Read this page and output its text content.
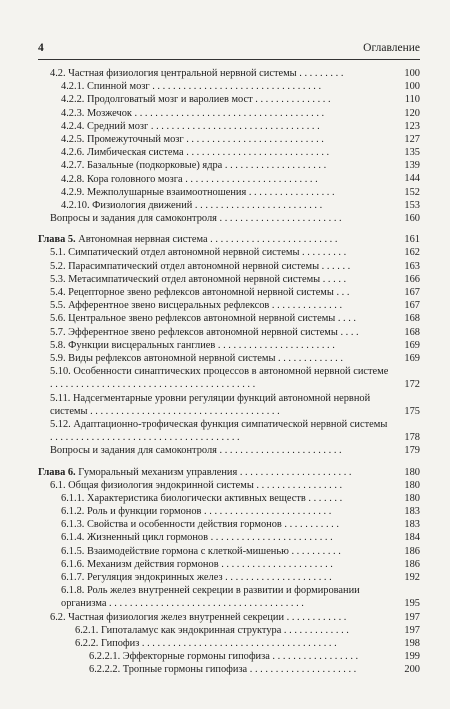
4	Оглавление
4.2. Частная физиология центральной нервной системы . . . . . . . . .	100
4.2.1. Спинной мозг . . . . . . . . . . . . . . . . . . . . . . . . . . . . . . . . .	100
4.2.2. Продолговатый мозг и варолиев мост . . . . . . . . . . . . . . .	110
4.2.3. Мозжечок . . . . . . . . . . . . . . . . . . . . . . . . . . . . . . . . . . . . .	120
4.2.4. Средний мозг . . . . . . . . . . . . . . . . . . . . . . . . . . . . . . . . .	123
4.2.5. Промежуточный мозг . . . . . . . . . . . . . . . . . . . . . . . . . . .	127
4.2.6. Лимбическая система . . . . . . . . . . . . . . . . . . . . . . . . . . . .	135
4.2.7. Базальные (подкорковые) ядра . . . . . . . . . . . . . . . . . . . .	139
4.2.8. Кора головного мозга . . . . . . . . . . . . . . . . . . . . . . . . . .	144
4.2.9. Межполушарные взаимоотношения . . . . . . . . . . . . . . . . .	152
4.2.10. Физиология движений . . . . . . . . . . . . . . . . . . . . . . . . .	153
Вопросы и задания для самоконтроля . . . . . . . . . . . . . . . . . . . . . . . .	160
Глава 5. Автономная нервная система . . . . . . . . . . . . . . . . . . . . . . . . .	161
5.1. Симпатический отдел автономной нервной системы . . . . . . . . .	162
5.2. Парасимпатический отдел автономной нервной системы . . . . . .	163
5.3. Метасимпатический отдел автономной нервной системы . . . . .	166
5.4. Рецепторное звено рефлексов автономной нервной системы . . .	167
5.5. Афферентное звено висцеральных рефлексов . . . . . . . . . . . . . .	167
5.6. Центральное звено рефлексов автономной нервной системы . . . .	168
5.7. Эфферентное звено рефлексов автономной нервной системы . . . .	168
5.8. Функции висцеральных ганглиев . . . . . . . . . . . . . . . . . . . . . . .	169
5.9. Виды рефлексов автономной нервной системы . . . . . . . . . . . . .	169
5.10. Особенности синаптических процессов в автономной нервной системе . . . . . . . . . . . . . . . . . . . . . . . . . . . . . . . . . . . . . . . .	172
5.11. Надсегментарные уровни регуляции функций автономной нервной системы . . . . . . . . . . . . . . . . . . . . . . . . . . . . . . . . . . . . .	175
5.12. Адаптационно-трофическая функция симпатической нервной системы . . . . . . . . . . . . . . . . . . . . . . . . . . . . . . . . . . . . .	178
Вопросы и задания для самоконтроля . . . . . . . . . . . . . . . . . . . . . . . .	179
Глава 6. Гуморальный механизм управления . . . . . . . . . . . . . . . . . . . . . .	180
6.1. Общая физиология эндокринной системы . . . . . . . . . . . . . . . . .	180
6.1.1. Характеристика биологически активных веществ . . . . . . .	180
6.1.2. Роль и функции гормонов . . . . . . . . . . . . . . . . . . . . . . . . .	183
6.1.3. Свойства и особенности действия гормонов . . . . . . . . . . .	183
6.1.4. Жизненный цикл гормонов . . . . . . . . . . . . . . . . . . . . . . . .	184
6.1.5. Взаимодействие гормона с клеткой-мишенью . . . . . . . . . .	186
6.1.6. Механизм действия гормонов . . . . . . . . . . . . . . . . . . . . . .	186
6.1.7. Регуляция эндокринных желез . . . . . . . . . . . . . . . . . . . . .	192
6.1.8. Роль желез внутренней секреции в развитии и формировании организма . . . . . . . . . . . . . . . . . . . . . . . . . . . . . . . . . . . . . .	195
6.2. Частная физиология желез внутренней секреции . . . . . . . . . . . .	197
6.2.1. Гипоталамус как эндокринная структура . . . . . . . . . . . . .	197
6.2.2. Гипофиз . . . . . . . . . . . . . . . . . . . . . . . . . . . . . . . . . . . . . .	198
6.2.2.1. Эффекторные гормоны гипофиза . . . . . . . . . . . . . . . . .	199
6.2.2.2. Тропные гормоны гипофиза . . . . . . . . . . . . . . . . . . . . .	200
